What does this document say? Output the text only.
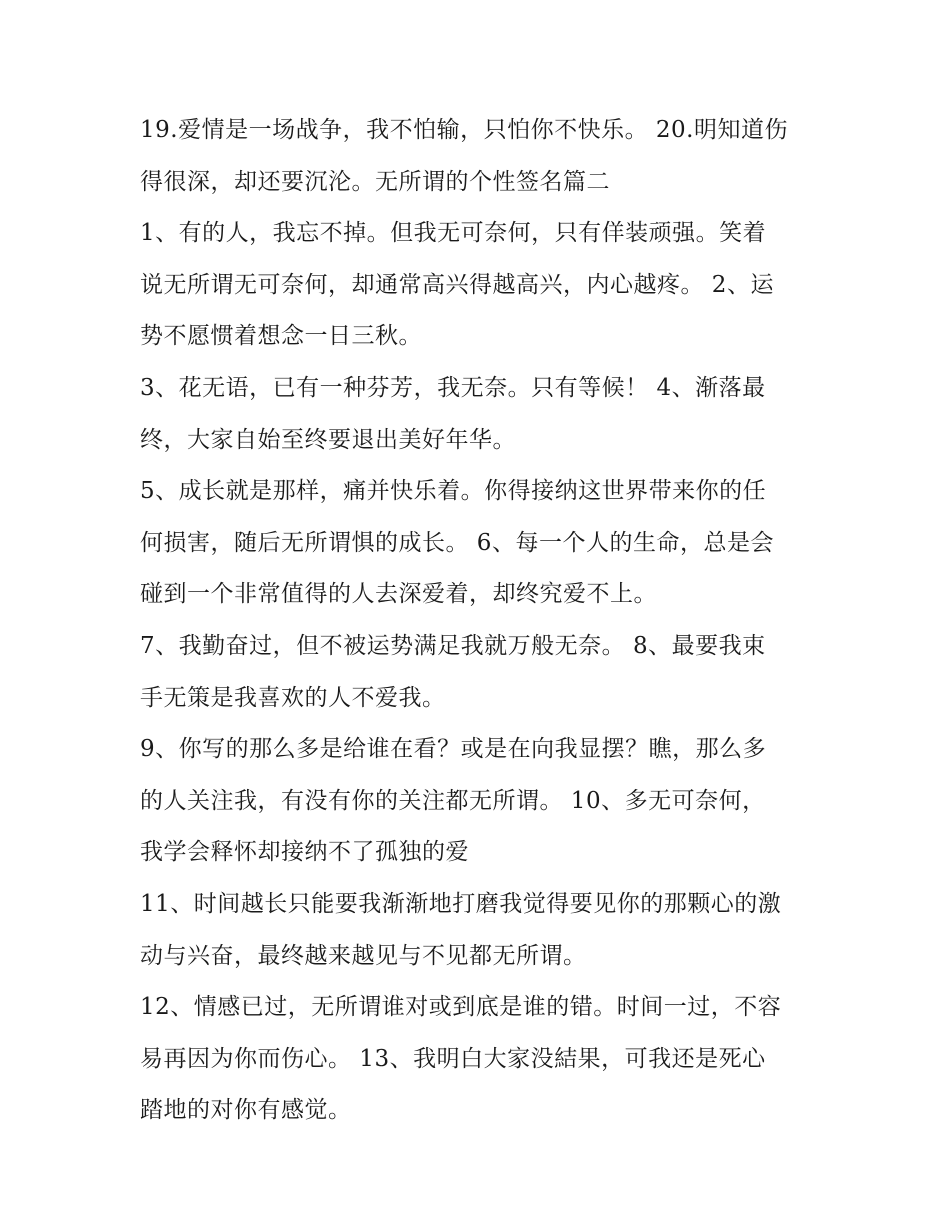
19.爱情是一场战争，我不怕输，只怕你不快乐。 20.明知道伤
得很深，却还要沉沦。无所谓的个性签名篇二

1、有的人，我忘不掉。但我无可奈何，只有佯装顽强。笑着
说无所谓无可奈何，却通常高兴得越高兴，内心越疼。 2、运
势不愿惯着想念一日三秋。

3、花无语，已有一种芬芳，我无奈。只有等候！ 4、渐落最
终，大家自始至终要退出美好年华。

5、成长就是那样，痛并快乐着。你得接纳这世界带来你的任
何损害，随后无所谓惧的成长。 6、每一个人的生命，总是会
碰到一个非常值得的人去深爱着，却终究爱不上。

7、我勤奋过，但不被运势满足我就万般无奈。 8、最要我束
手无策是我喜欢的人不爱我。

9、你写的那么多是给谁在看？或是在向我显摆？瞧，那么多
的人关注我，有没有你的关注都无所谓。 10、多无可奈何，
我学会释怀却接纳不了孤独的爱

11、时间越长只能要我渐渐地打磨我觉得要见你的那颗心的激
动与兴奋，最终越来越见与不见都无所谓。

12、情感已过，无所谓谁对或到底是谁的错。时间一过，不容
易再因为你而伤心。 13、我明白大家没結果，可我还是死心
踏地的对你有感觉。
